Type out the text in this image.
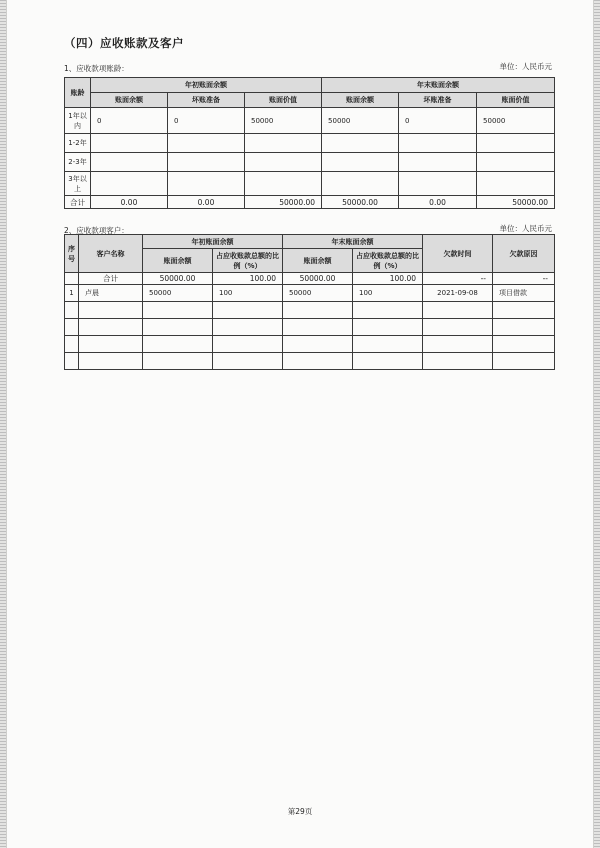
（四）应收账款及客户
1、应收款项账龄：	单位：人民币元
账龄	年初账面余额			年末账面余额		
	账面余额	坏账准备	账面价值	账面余额	坏账准备	账面价值
1年以内	0	0	50000	50000	0	50000
1-2年						
2-3年						
3年以上						
合计	0.00	0.00	50000.00	50000.00	0.00	50000.00
2、应收款项客户：	单位：人民币元
序号	客户名称	年初账面余额		年末账面余额		欠款时间	欠款原因
		账面余额	占应收账款总额的比例（%）	账面余额	占应收账款总额的比例（%）		
	合计	50000.00	100.00	50000.00	100.00	--	--
1	卢晨	50000	100	50000	100	2021-09-08	项目借款

第29页
